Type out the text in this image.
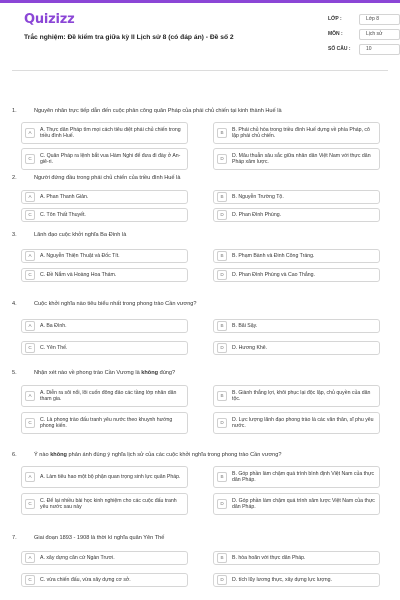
Quizizz
Trắc nghiệm: Đề kiểm tra giữa kỳ II Lịch sử 8 (có đáp án) - Đề số 2
LỚP :	Lớp 8
MÔN :	Lịch sử
SỐ CÂU :	10
1.	Nguyên nhân trực tiếp dẫn đến cuộc phản công quân Pháp của phái chủ chiến tại kinh thành Huế là
A
A. Thực dân Pháp tìm mọi cách tiêu diệt phái chủ chiến trong triều đình Huế.
B
B. Phái chủ hòa trong triều đình Huế dựng về phía Pháp, cô lập phái chủ chiến.
C
C. Quân Pháp ra lệnh bắt vua Hàm Nghi để đưa đi đày ở An-giê-ri.
D
D. Mâu thuẫn sâu sắc giữa nhân dân Việt Nam với thực dân Pháp xâm lược.
2.	Người đứng đầu trong phái chủ chiến của triều đình Huế là
A	A. Phan Thanh Giản.	B	B. Nguyễn Trường Tộ.
C	C. Tôn Thất Thuyết.	D	D. Phan Đình Phùng.
3.	Lãnh đạo cuộc khởi nghĩa Ba Đình là
A	A. Nguyễn Thiện Thuật và Đốc Tít.	B	B. Phạm Bành và Đinh Công Tráng.
C	C. Đề Nắm và Hoàng Hoa Thám.	D	D. Phan Đình Phùng và Cao Thắng.
4.	Cuộc khởi nghĩa nào tiêu biểu nhất trong phong trào Cần vương?
A	A. Ba Đình.	B	B. Bãi Sậy.
C	C. Yên Thế.	D	D. Hương Khê.
5.	Nhận xét nào về phong trào Cần Vương là không đúng?
A
A. Diễn ra sôi nổi, lôi cuốn đông đảo các tầng lớp nhân dân tham gia.
B
B. Giành thắng lợi, khôi phục lại độc lập, chủ quyền của dân tộc.
C
C. Là phong trào đấu tranh yêu nước theo khuynh hướng phong kiến.
D
D. Lực lượng lãnh đạo phong trào là các văn thân, sĩ phu yêu nước.
6.	Ý nào không phản ánh đúng ý nghĩa lịch sử của các cuộc khởi nghĩa trong phong trào Cần vương?
A	A. Làm tiêu hao một bộ phận quan trọng sinh lực quân Pháp.	B
B. Góp phần làm chậm quá trình bình định Việt Nam của thực dân Pháp.
C
C. Để lại nhiều bài học kinh nghiệm cho các cuộc đấu tranh yêu nước sau này
D
D. Góp phần làm chậm quá trình xâm lược Việt Nam của thực dân Pháp.
7.	Giai đoạn 1893 - 1908 là thời kì nghĩa quân Yên Thế
A	A. xây dựng căn cứ Ngàn Trươi.	B	B. hòa hoãn với thực dân Pháp.
C	C. vừa chiến đấu, vừa xây dựng cơ sở.	D	D. tích lũy lương thực, xây dựng lực lượng.
